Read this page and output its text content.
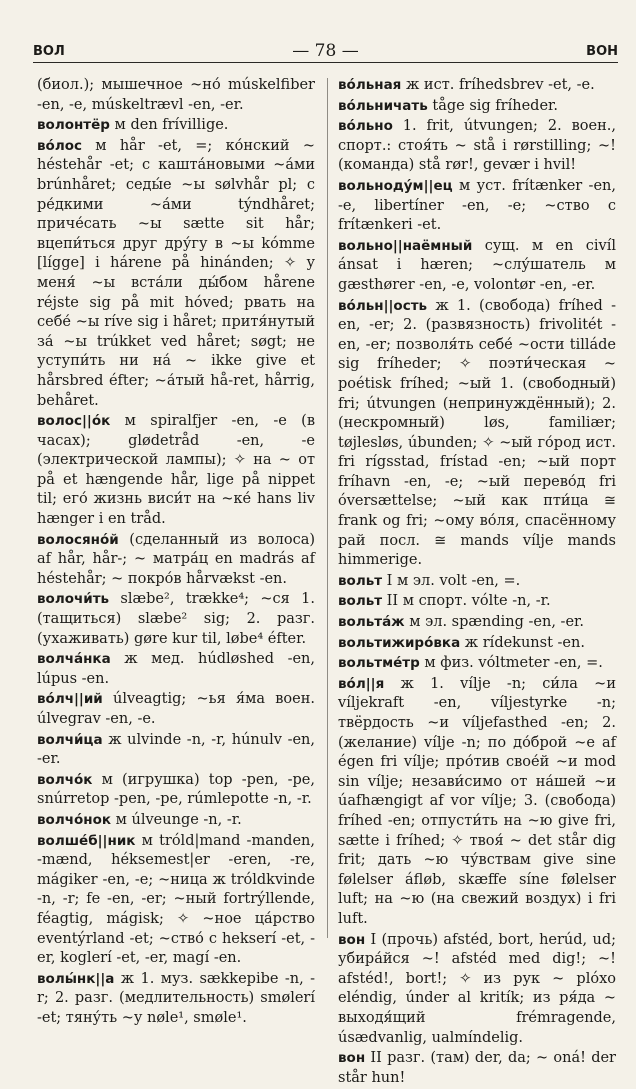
ВОЛ	— 78 —	ВОН
(биол.); мышечное ~но́ múskelfiber -en, -e, múskeltrævl -en, -er.
волонтёр м den frívillige.
во́лос м hår -et, =; ко́нский ~ héstehår -et; с кашта́новыми ~а́ми brúnhåret; седы́е ~ы sølvhår pl; с ре́дкими ~а́ми týndhåret; приче́сать ~ы sætte sit hår; вцепи́ться друг дру́гу в ~ы kómme [lígge] i hárene på hinánden; ✧ у меня́ ~ы вста́ли ды́бом hårene réjste sig på mit hóved; рвать на себе́ ~ы ríve sig i håret; притя́нутый за́ ~ы trúkket ved håret; søgt; не уступи́ть ни на́ ~ ikke give et hårsbred éfter; ~а́тый hå-ret, hårrig, behåret.
волос||о́к м spiralfjer -en, -e (в часах); glødetråd -en, -e (электрической лампы); ✧ на ~ от på et hængende hår, lige på nippet til; его́ жизнь виси́т на ~ке́ hans liv hænger i en tråd.
волосяно́й (сделанный из волоса) af hår, hår-; ~ матра́ц en madrás af héstehår; ~ покро́в hårvækst -en.
волочи́ть slæbe², trække⁴; ~ся 1. (тащиться) slæbe² sig; 2. разг. (ухаживать) gøre kur til, løbe⁴ éfter.
волча́нка ж мед. húdløshed -en, lúpus -en.
во́лч||ий úlveagtig; ~ья я́ма воен. úlvegrav -en, -e.
волчи́ца ж ulvinde -n, -r, húnulv -en, -er.
волчо́к м (игрушка) top -pen, -pe, snúrretop -pen, -pe, rúmlepotte -n, -r.
волчо́нок м úlveunge -n, -r.
волше́б||ник м tróld|mand -manden, -mænd, héksemest|er -eren, -re, mágiker -en, -e; ~ница ж tróldkvinde -n, -r; fe -en, -er; ~ный fortrýllende, féagtig, mágisk; ✧ ~ное ца́рство eventýrland -et; ~ство́ с hekserí -et, -er, koglerí -et, -er, magí -en.
волы́нк||а ж 1. муз. sækkepibe -n, -r; 2. разг. (медлительность) smølerí -et; тяну́ть ~у nøle¹, smøle¹.
во́льная ж ист. fríhedsbrev -et, -e.
во́льничать tåge sig fríheder.
во́льно 1. frit, útvungen; 2. воен., спорт.: стоя́ть ~ stå i rørstilling; ~! (команда) stå rør!, gevær i hvil!
вольноду́м||ец м уст. frítænker -en, -e, libertíner -en, -e; ~ство с frítænkeri -et.
вольно||наёмный сущ. м en civíl ánsat i hæren; ~слу́шатель м gæsthører -en, -e, volontør -en, -er.
во́льн||ость ж 1. (свобода) fríhed -en, -er; 2. (развязность) frivolitét -en, -er; позволя́ть себе́ ~ости tilláde sig fríheder; ✧ поэти́ческая ~ poétisk fríhed; ~ый 1. (свободный) fri; útvungen (непринуждённый); 2. (нескромный) løs, familiær; tøjlesløs, úbunden; ✧ ~ый го́род ист. fri rígsstad, frístad -en; ~ый порт fríhavn -en, -e; ~ый перево́д fri óversættelse; ~ый как пти́ца ≅ frank og fri; ~ому во́ля, спасённому рай посл. ≅ mands vílje mands himmerige.
вольт I м эл. volt -en, =.
вольт II м спорт. vólte -n, -r.
вольта́ж м эл. spænding -en, -er.
вольтижиро́вка ж rídekunst -en.
вольтме́тр м физ. vóltmeter -en, =.
во́л||я ж 1. vílje -n; си́ла ~и víljekraft -en, víljestyrke -n; твёрдость ~и víljefasthed -en; 2. (желание) vílje -n; по до́брой ~е af égen fri vílje; про́тив свое́й ~и mod sin vílje; незави́симо от на́шей ~и úafhængigt af vor vílje; 3. (свобода) fríhed -en; отпусти́ть на ~ю give fri, sætte i fríhed; ✧ твоя́ ~ det står dig frit; дать ~ю чу́вствам give sine følelser áfløb, skæffe síne følelser luft; на ~ю (на свежий воздух) i fri luft.
вон I (прочь) afstéd, bort, herúd, ud; убира́йся ~! afstéd med dig!; ~! afstéd!, bort!; ✧ из рук ~ plóxo eléndig, únder al kritík; из ря́да ~ выходя́щий frémragende, úsædvanlig, ualmíndelig.
вон II разг. (там) der, da; ~ оná! der står hun!
